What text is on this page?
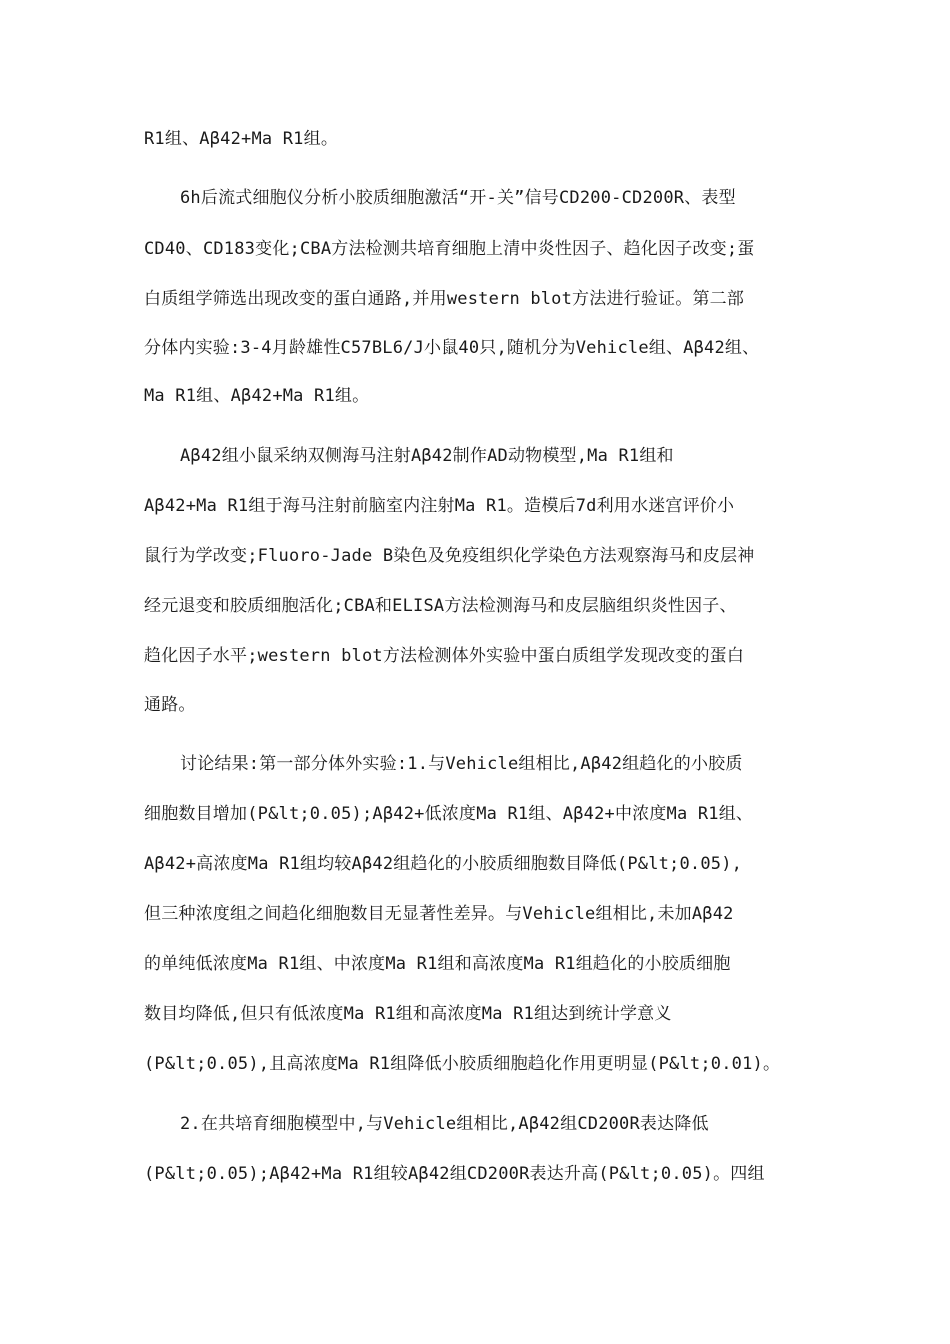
R1组、Aβ42+Ma R1组。
6h后流式细胞仪分析小胶质细胞激活“开-关”信号CD200-CD200R、表型
CD40、CD183变化;CBA方法检测共培育细胞上清中炎性因子、趋化因子改变;蛋
白质组学筛选出现改变的蛋白通路,并用western blot方法进行验证。第二部
分体内实验:3-4月龄雄性C57BL6/J小鼠40只,随机分为Vehicle组、Aβ42组、
Ma R1组、Aβ42+Ma R1组。
Aβ42组小鼠采纳双侧海马注射Aβ42制作AD动物模型,Ma R1组和
Aβ42+Ma R1组于海马注射前脑室内注射Ma R1。造模后7d利用水迷宫评价小
鼠行为学改变;Fluoro-Jade B染色及免疫组织化学染色方法观察海马和皮层神
经元退变和胶质细胞活化;CBA和ELISA方法检测海马和皮层脑组织炎性因子、
趋化因子水平;western blot方法检测体外实验中蛋白质组学发现改变的蛋白
通路。
讨论结果:第一部分体外实验:1.与Vehicle组相比,Aβ42组趋化的小胶质
细胞数目增加(P&lt;0.05);Aβ42+低浓度Ma R1组、Aβ42+中浓度Ma R1组、
Aβ42+高浓度Ma R1组均较Aβ42组趋化的小胶质细胞数目降低(P&lt;0.05),
但三种浓度组之间趋化细胞数目无显著性差异。与Vehicle组相比,未加Aβ42
的单纯低浓度Ma R1组、中浓度Ma R1组和高浓度Ma R1组趋化的小胶质细胞
数目均降低,但只有低浓度Ma R1组和高浓度Ma R1组达到统计学意义
(P&lt;0.05),且高浓度Ma R1组降低小胶质细胞趋化作用更明显(P&lt;0.01)。
2.在共培育细胞模型中,与Vehicle组相比,Aβ42组CD200R表达降低
(P&lt;0.05);Aβ42+Ma R1组较Aβ42组CD200R表达升高(P&lt;0.05)。四组
